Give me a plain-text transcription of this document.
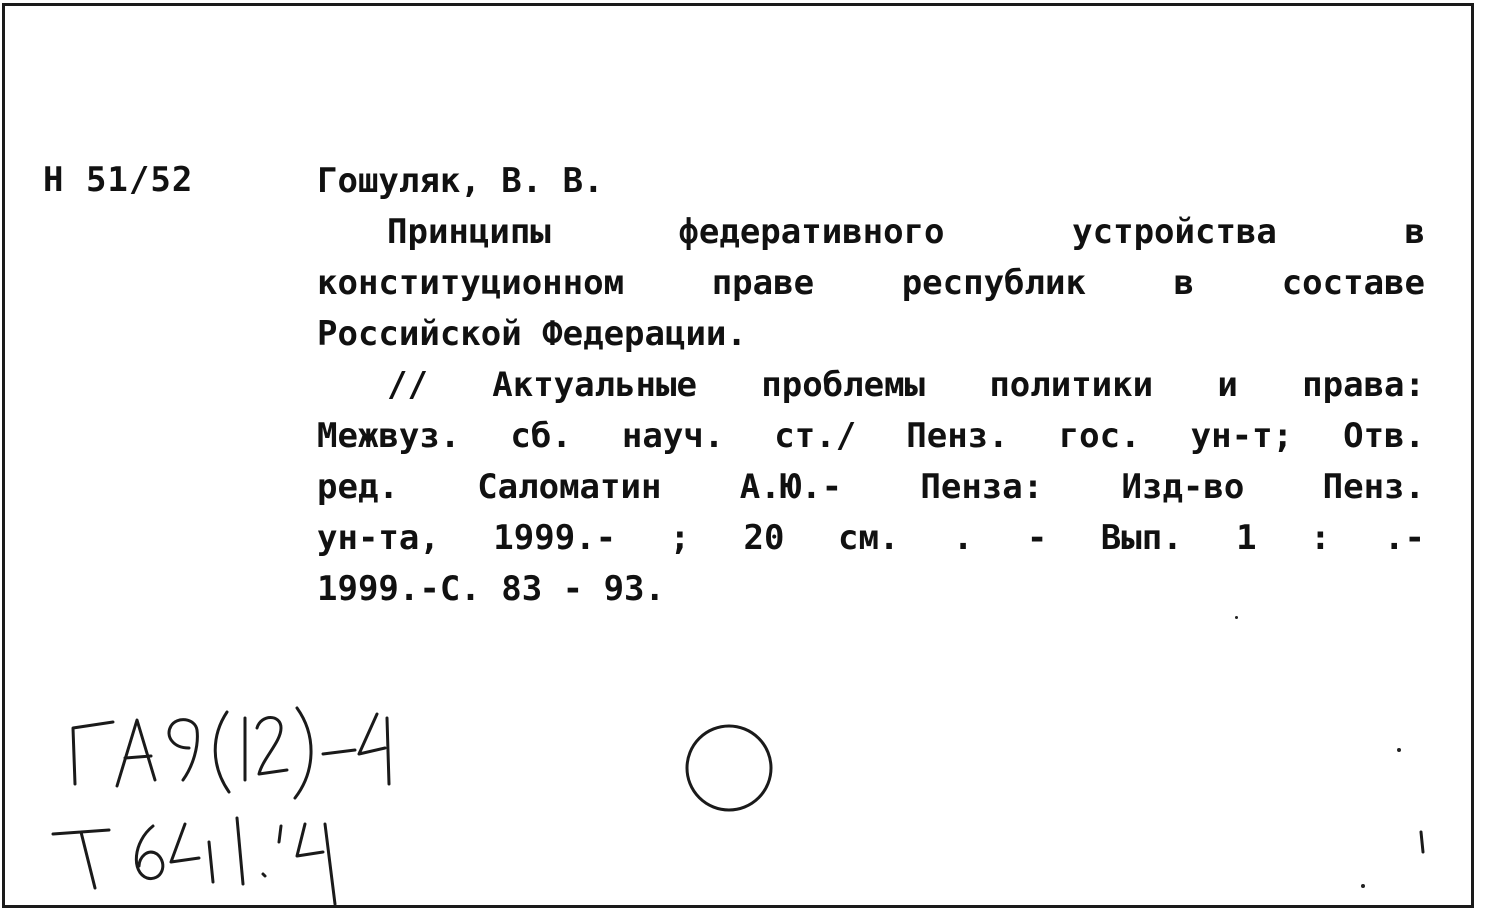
Н 51/52	Гошуляк, В. В.
Принципы федеративного устройства в
конституционном праве республик в составе
Российской Федерации.
// Актуальные проблемы политики и права:
Межвуз. сб. науч. ст./ Пенз. гос. ун-т; Отв.
ред. Саломатин А.Ю.- Пенза: Изд-во Пенз.
ун-та, 1999.- ; 20 см. . - Вып. 1 : .-
1999.-С. 83 - 93.
